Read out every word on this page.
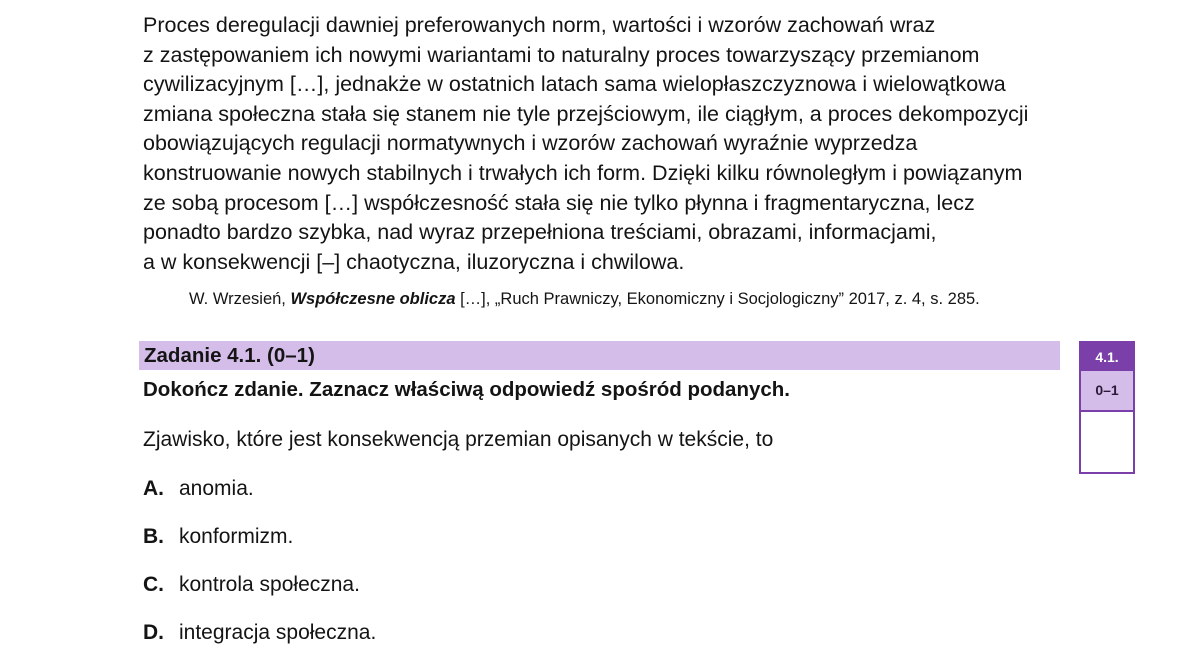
Proces deregulacji dawniej preferowanych norm, wartości i wzorów zachowań wraz
z zastępowaniem ich nowymi wariantami to naturalny proces towarzyszący przemianom
cywilizacyjnym […], jednakże w ostatnich latach sama wielopłaszczyznowa i wielowątkowa
zmiana społeczna stała się stanem nie tyle przejściowym, ile ciągłym, a proces dekompozycji
obowiązujących regulacji normatywnych i wzorów zachowań wyraźnie wyprzedza
konstruowanie nowych stabilnych i trwałych ich form. Dzięki kilku równoległym i powiązanym
ze sobą procesom […] współczesność stała się nie tylko płynna i fragmentaryczna, lecz
ponadto bardzo szybka, nad wyraz przepełniona treściami, obrazami, informacjami,
a w konsekwencji [–] chaotyczna, iluzoryczna i chwilowa.
W. Wrzesień, Współczesne oblicza […], „Ruch Prawniczy, Ekonomiczny i Socjologiczny” 2017, z. 4, s. 285.
Zadanie 4.1. (0–1)
Dokończ zdanie. Zaznacz właściwą odpowiedź spośród podanych.
Zjawisko, które jest konsekwencją przemian opisanych w tekście, to
A. anomia.
B. konformizm.
C. kontrola społeczna.
D. integracja społeczna.
4.1.
0–1
